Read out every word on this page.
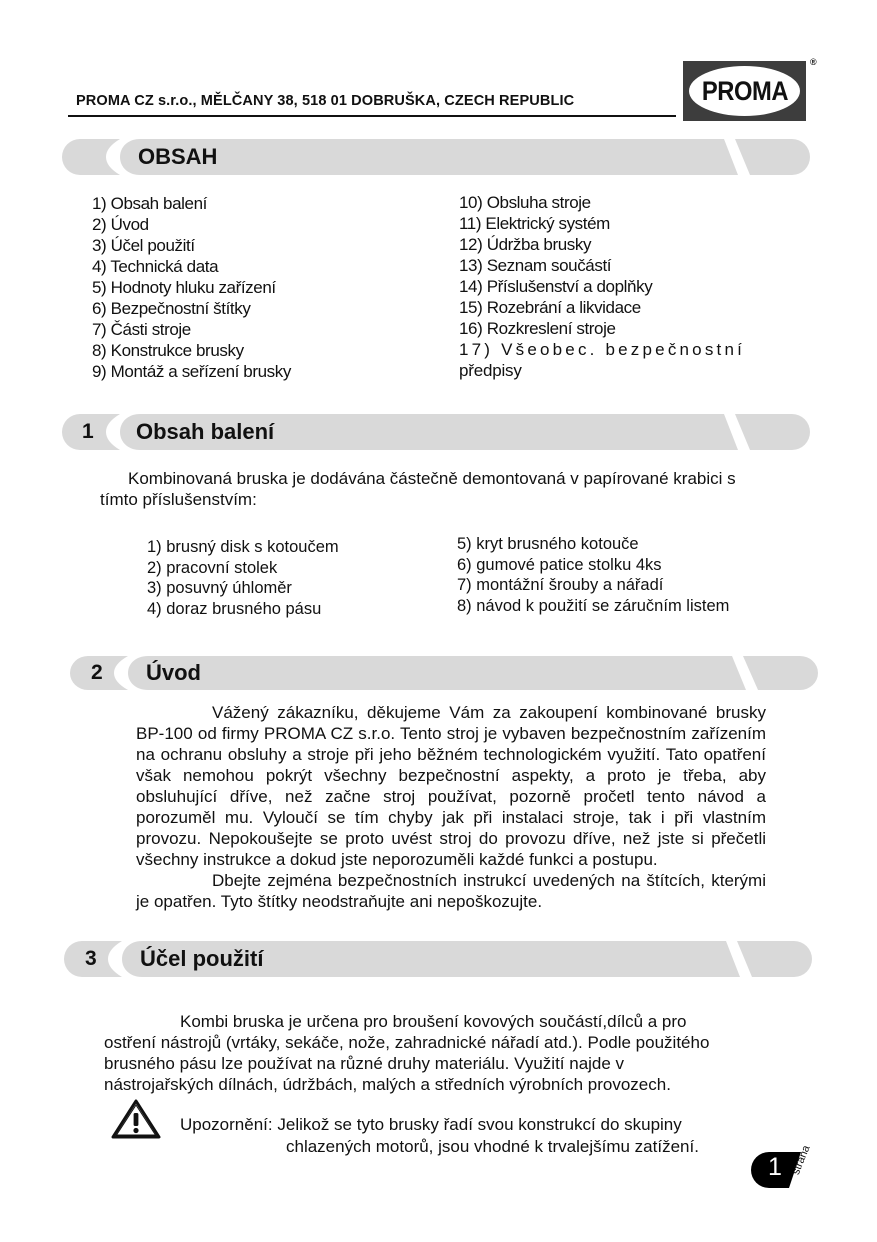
PROMA CZ s.r.o., MĚLČANY 38, 518 01 DOBRUŠKA, CZECH REPUBLIC	PROMA
®
OBSAH
1) Obsah balení
2) Úvod
3) Účel použití
4) Technická data
5) Hodnoty hluku zařízení
6) Bezpečnostní štítky
7) Části stroje
8) Konstrukce brusky
9) Montáž a seřízení brusky
10) Obsluha stroje
11) Elektrický systém
12) Údržba brusky
13) Seznam součástí
14) Příslušenství a doplňky
15) Rozebrání a likvidace
16) Rozkreslení stroje
17) Všeobec. bezpečnostní
předpisy
1 Obsah balení
Kombinovaná bruska je dodávána částečně demontovaná v papírované krabici s
tímto příslušenstvím:
1) brusný disk s kotoučem
2) pracovní stolek
3) posuvný úhloměr
4) doraz brusného pásu
5) kryt brusného kotouče
6) gumové patice stolku 4ks
7) montážní šrouby a nářadí
8) návod k použití se záručním listem
2 Úvod

Vážený zákazníku, děkujeme Vám za zakoupení kombinované brusky BP-100 od firmy PROMA CZ s.r.o. Tento stroj je vybaven bezpečnostním zařízením na ochranu obsluhy a stroje při jeho běžném technologickém využití. Tato opatření však nemohou pokrýt všechny bezpečnostní aspekty, a proto je třeba, aby obsluhující dříve, než začne stroj používat, pozorně pročetl tento návod a porozuměl mu. Vyloučí se tím chyby jak při instalaci stroje, tak i při vlastním provozu. Nepokoušejte se proto uvést stroj do provozu dříve, než jste si přečetli všechny instrukce a dokud jste neporozuměli každé funkci a postupu.

Dbejte zejména bezpečnostních instrukcí uvedených na štítcích, kterými je opatřen. Tyto štítky neodstraňujte ani nepoškozujte.

3 Účel použití
Kombi bruska je určena pro broušení kovových součástí,dílců a pro
ostření nástrojů (vrtáky, sekáče, nože, zahradnické nářadí atd.). Podle použitého
brusného pásu lze používat na různé druhy materiálu. Využití najde v
nástrojařských dílnách, údržbách, malých a středních výrobních provozech.
Upozornění: Jelikož se tyto brusky řadí svou konstrukcí do skupiny
chlazených motorů, jsou vhodné k trvalejšímu zatížení.
1 strana
